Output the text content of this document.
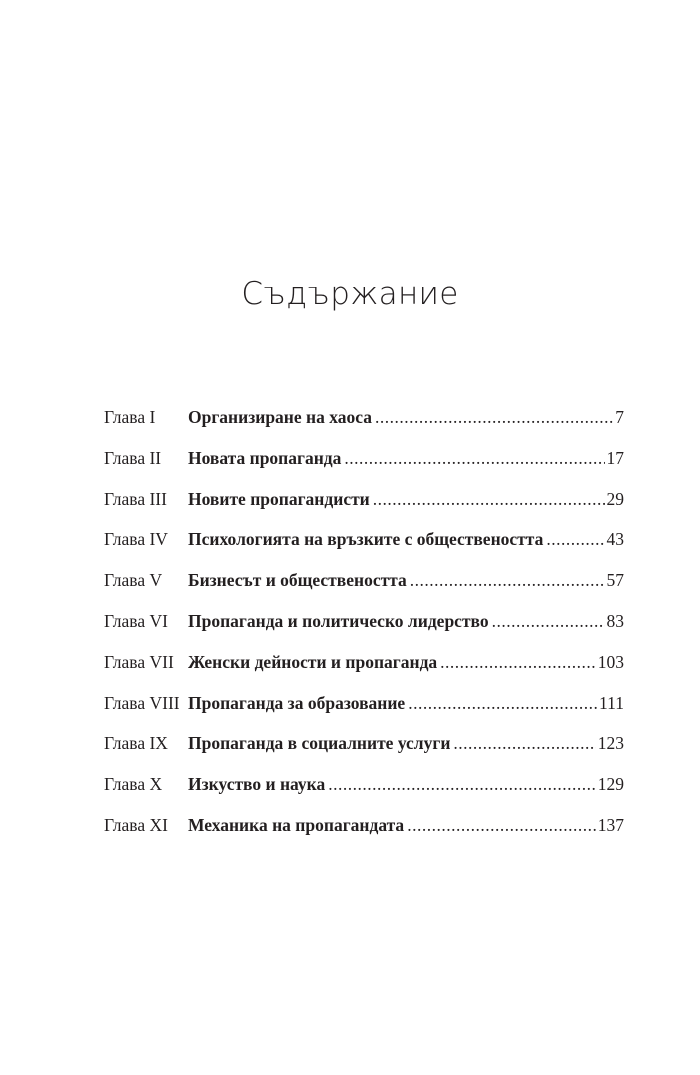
Съдържание
Глава I	Организиране на хаоса .....	7
Глава II	Новата пропаганда .....	17
Глава III	Новите пропагандисти .....	29
Глава IV	Психологията на връзките с обществеността .....	43
Глава V	Бизнесът и обществеността .....	57
Глава VI	Пропаганда и политическо лидерство .....	83
Глава VII Женски дейности и пропаганда .....	103
Глава VIII Пропаганда за образование .....	111
Глава IX	Пропаганда в социалните услуги .....	123
Глава X	Изкуство и наука .....	129
Глава XI	Механика на пропагандата .....	137
